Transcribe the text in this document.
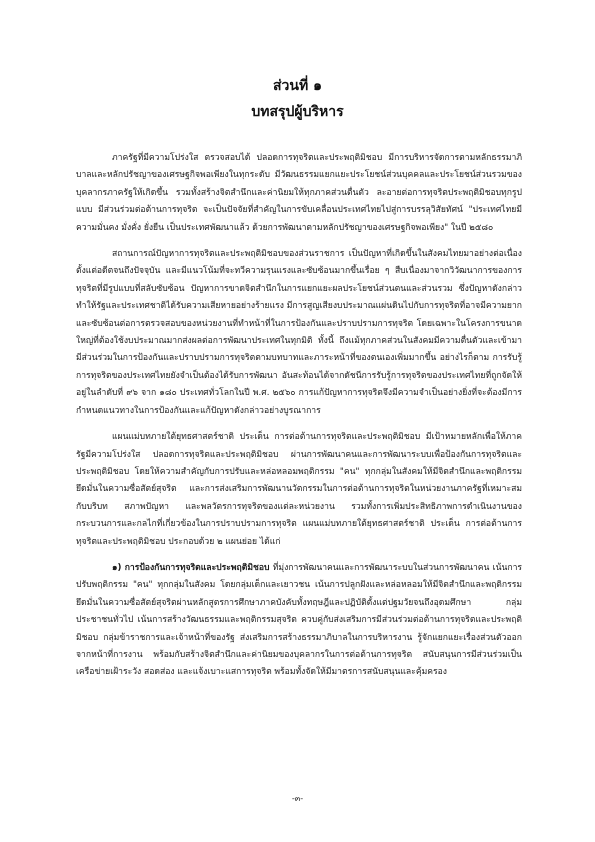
ส่วนที่ ๑
บทสรุปผู้บริหาร

ภาครัฐที่มีความโปร่งใส ตรวจสอบได้ ปลอดการทุจริตและประพฤติมิชอบ มีการบริหารจัดการตามหลักธรรมาภิบาลและหลักปรัชญาของเศรษฐกิจพอเพียงในทุกระดับ มีวัฒนธรรมแยกแยะประโยชน์ส่วนบุคคลและประโยชน์ส่วนรวมของบุคลากรภาครัฐให้เกิดขึ้น รวมทั้งสร้างจิตสำนึกและค่านิยมให้ทุกภาคส่วนตื่นตัว ละอายต่อการทุจริตประพฤติมิชอบทุกรูปแบบ มีส่วนร่วมต่อต้านการทุจริต จะเป็นปัจจัยที่สำคัญในการขับเคลื่อนประเทศไทยไปสู่การบรรลุวิสัยทัศน์ "ประเทศไทยมีความมั่นคง มั่งคั่ง ยั่งยืน เป็นประเทศพัฒนาแล้ว ด้วยการพัฒนาตามหลักปรัชญาของเศรษฐกิจพอเพียง" ในปี ๒๕๘๐

สถานการณ์ปัญหาการทุจริตและประพฤติมิชอบของส่วนราชการ เป็นปัญหาที่เกิดขึ้นในสังคมไทยมาอย่างต่อเนื่องตั้งแต่อดีตจนถึงปัจจุบัน และมีแนวโน้มที่จะทวีความรุนแรงและซับซ้อนมากขึ้นเรื่อย ๆ สืบเนื่องมาจากวิวัฒนาการของการทุจริตที่มีรูปแบบที่สลับซับซ้อน ปัญหาการขาดจิตสำนึกในการแยกแยะผลประโยชน์ส่วนตนและส่วนรวม ซึ่งปัญหาดังกล่าวทำให้รัฐและประเทศชาติได้รับความเสียหายอย่างร้ายแรง มีการสูญเสียงบประมาณแผ่นดินไปกับการทุจริตที่อาจมีความยากและซับซ้อนต่อการตรวจสอบของหน่วยงานที่ทำหน้าที่ในการป้องกันและปราบปรามการทุจริต โดยเฉพาะในโครงการขนาดใหญ่ที่ต้องใช้งบประมาณมากส่งผลต่อการพัฒนาประเทศในทุกมิติ ทั้งนี้ ถึงแม้ทุกภาคส่วนในสังคมมีความตื่นตัวและเข้ามามีส่วนร่วมในการป้องกันและปราบปรามการทุจริตตามบทบาทและภาระหน้าที่ของตนเองเพิ่มมากขึ้น อย่างไรก็ตาม การรับรู้การทุจริตของประเทศไทยยังจำเป็นต้องได้รับการพัฒนา อันสะท้อนได้จากดัชนีการรับรู้การทุจริตของประเทศไทยที่ถูกจัดให้อยู่ในลำดับที่ ๙๖ จาก ๑๘๐ ประเทศทั่วโลกในปี พ.ศ. ๒๕๖๐ การแก้ปัญหาการทุจริตจึงมีความจำเป็นอย่างยิ่งที่จะต้องมีการกำหนดแนวทางในการป้องกันและแก้ปัญหาดังกล่าวอย่างบูรณาการ

แผนแม่บทภายใต้ยุทธศาสตร์ชาติ ประเด็น การต่อต้านการทุจริตและประพฤติมิชอบ มีเป้าหมายหลักเพื่อให้ภาครัฐมีความโปร่งใส ปลอดการทุจริตและประพฤติมิชอบ ผ่านการพัฒนาคนและการพัฒนาระบบเพื่อป้องกันการทุจริตและประพฤติมิชอบ โดยให้ความสำคัญกับการปรับและหล่อหลอมพฤติกรรม "คน" ทุกกลุ่มในสังคมให้มีจิตสำนึกและพฤติกรรมยึดมั่นในความซื่อสัตย์สุจริต และการส่งเสริมการพัฒนานวัตกรรมในการต่อต้านการทุจริตในหน่วยงานภาครัฐที่เหมาะสมกับบริบท สภาพปัญหา และพลวัตรการทุจริตของแต่ละหน่วยงาน รวมทั้งการเพิ่มประสิทธิภาพการดำเนินงานของกระบวนการและกลไกที่เกี่ยวข้องในการปราบปรามการทุจริต แผนแม่บทภายใต้ยุทธศาสตร์ชาติ ประเด็น การต่อต้านการทุจริตและประพฤติมิชอบ ประกอบด้วย ๒ แผนย่อย ได้แก่

๑) การป้องกันการทุจริตและประพฤติมิชอบ ที่มุ่งการพัฒนาคนและการพัฒนาระบบในส่วนการพัฒนาคน เน้นการปรับพฤติกรรม "คน" ทุกกลุ่มในสังคม โดยกลุ่มเด็กและเยาวชน เน้นการปลูกฝังและหล่อหลอมให้มีจิตสำนึกและพฤติกรรมยึดมั่นในความซื่อสัตย์สุจริตผ่านหลักสูตรการศึกษาภาคบังคับทั้งทฤษฎีและปฏิบัติตั้งแต่ปฐมวัยจนถึงอุดมศึกษา กลุ่มประชาชนทั่วไป เน้นการสร้างวัฒนธรรมและพฤติกรรมสุจริต ควบคู่กับส่งเสริมการมีส่วนร่วมต่อต้านการทุจริตและประพฤติมิชอบ กลุ่มข้าราชการและเจ้าหน้าที่ของรัฐ ส่งเสริมการสร้างธรรมาภิบาลในการบริหารงาน รู้จักแยกแยะเรื่องส่วนตัวออกจากหน้าที่การงาน พร้อมกับสร้างจิตสำนึกและค่านิยมของบุคลากรในการต่อต้านการทุจริต สนับสนุนการมีส่วนร่วมเป็นเครือข่ายเฝ้าระวัง สอดส่อง และแจ้งเบาะแสการทุจริต พร้อมทั้งจัดให้มีมาตรการสนับสนุนและคุ้มครอง

-๓-
